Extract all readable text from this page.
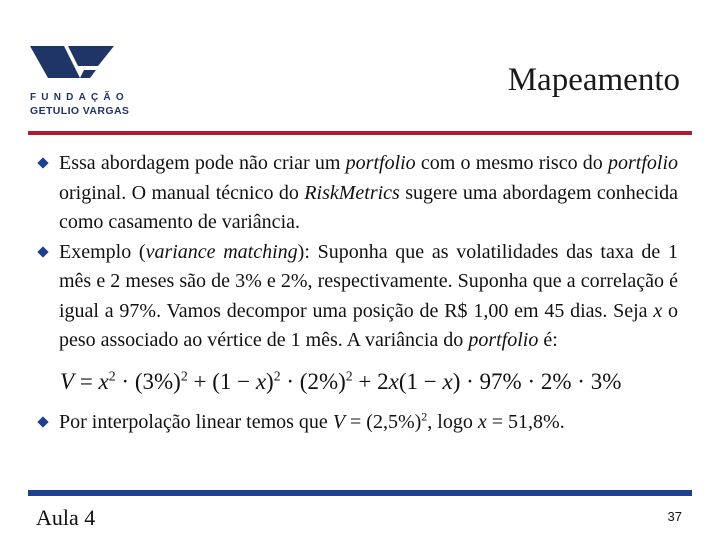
FUNDAÇÃO
GETULIO VARGAS
Mapeamento
Essa abordagem pode não criar um portfolio com o mesmo risco do portfolio original. O manual técnico do RiskMetrics sugere uma abordagem conhecida como casamento de variância.
Exemplo (variance matching): Suponha que as volatilidades das taxa de 1 mês e 2 meses são de 3% e 2%, respectivamente. Suponha que a correlação é igual a 97%. Vamos decompor uma posição de R$ 1,00 em 45 dias. Seja x o peso associado ao vértice de 1 mês. A variância do portfolio é:
$V = x^2 \cdot (3\%)^2 + (1 - x)^2 \cdot (2\%)^2 + 2x(1 - x) \cdot 97\% \cdot 2\% \cdot 3\%$
Por interpolação linear temos que $V = (2,5\%)^2$, logo x = 51,8%.
Aula 4	37
